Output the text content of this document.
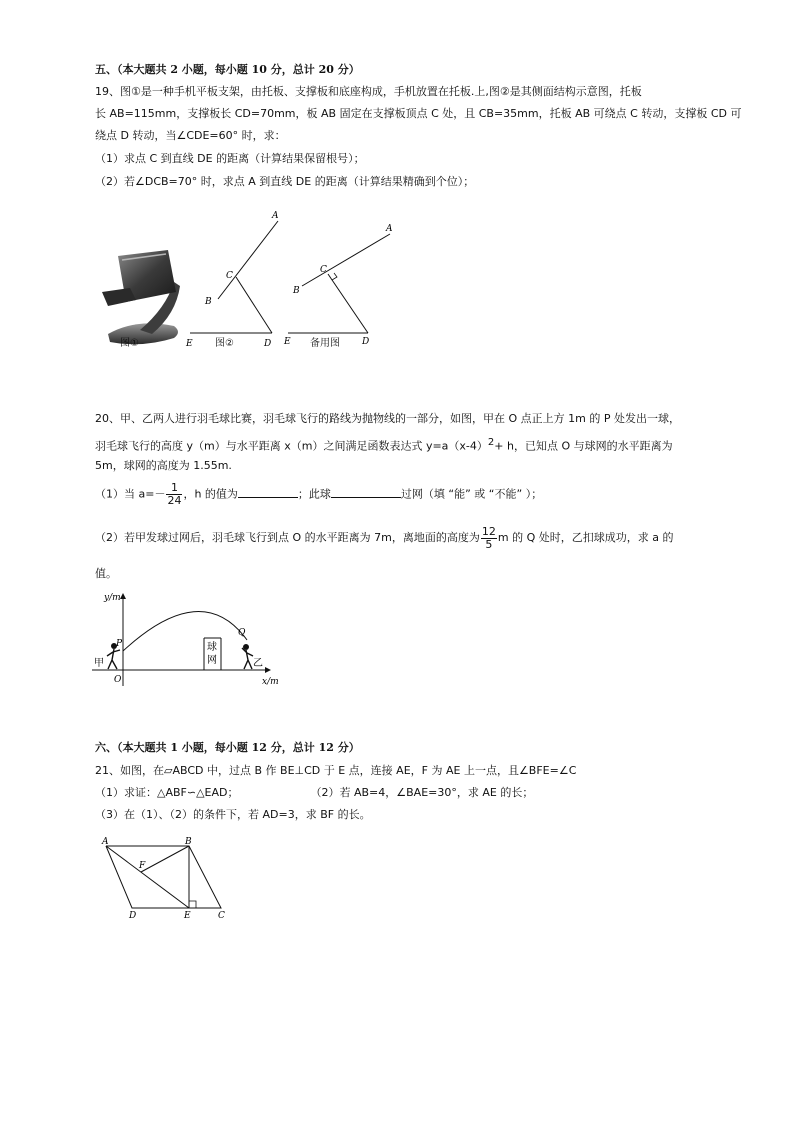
五、（本大题共 2 小题，每小题 10 分，总计 20 分）
19、图①是一种手机平板支架，由托板、支撑板和底座构成，手机放置在托板.上,图②是其侧面结构示意图，托板
长 AB=115mm，支撑板长 CD=70mm，板 AB 固定在支撑板顶点 C 处，且 CB=35mm，托板 AB 可绕点 C 转动，支撑板 CD 可
绕点 D 转动，当∠CDE=60° 时，求：
（1）求点 C 到直线 DE 的距离（计算结果保留根号）；
（2）若∠DCB=70° 时，求点 A 到直线 DE 的距离（计算结果精确到个位）；
图①
A
C
B
E	D
图②
A
C
B
E	D
备用图
20、甲、乙两人进行羽毛球比赛，羽毛球飞行的路线为抛物线的一部分，如图，甲在 O 点正上方 1m 的 P 处发出一球，
羽毛球飞行的高度 y（m）与水平距离 x（m）之间满足函数表达式 $y=a(x-4)^2+ h$，已知点 O 与球网的水平距离为
5m，球网的高度为 1.55m.
（1）当 $a=- \frac{1}{24}$ ，h 的值为	；此球	过网（填 “能” 或 “不能” ）；
（2）若甲发球过网后，羽毛球飞行到点 O 的水平距离为 7m，离地面的高度为 $\frac{12}{5}$ m 的 Q 处时，乙扣球成功，求 a 的
值。
y/m
x/m
O
P
Q
球
网
甲	乙
六、（本大题共 1 小题，每小题 12 分，总计 12 分）
21、如图，在▱ABCD 中，过点 B 作 BE⊥CD 于 E 点，连接 AE，F 为 AE 上一点，且∠BFE=∠C
（1）求证：△ABF∽△EAD；	（2）若 AB=4，∠BAE=30°，求 AE 的长；
（3）在（1）、（2）的条件下，若 AD=3，求 BF 的长。
A	B
F
D	E	C
